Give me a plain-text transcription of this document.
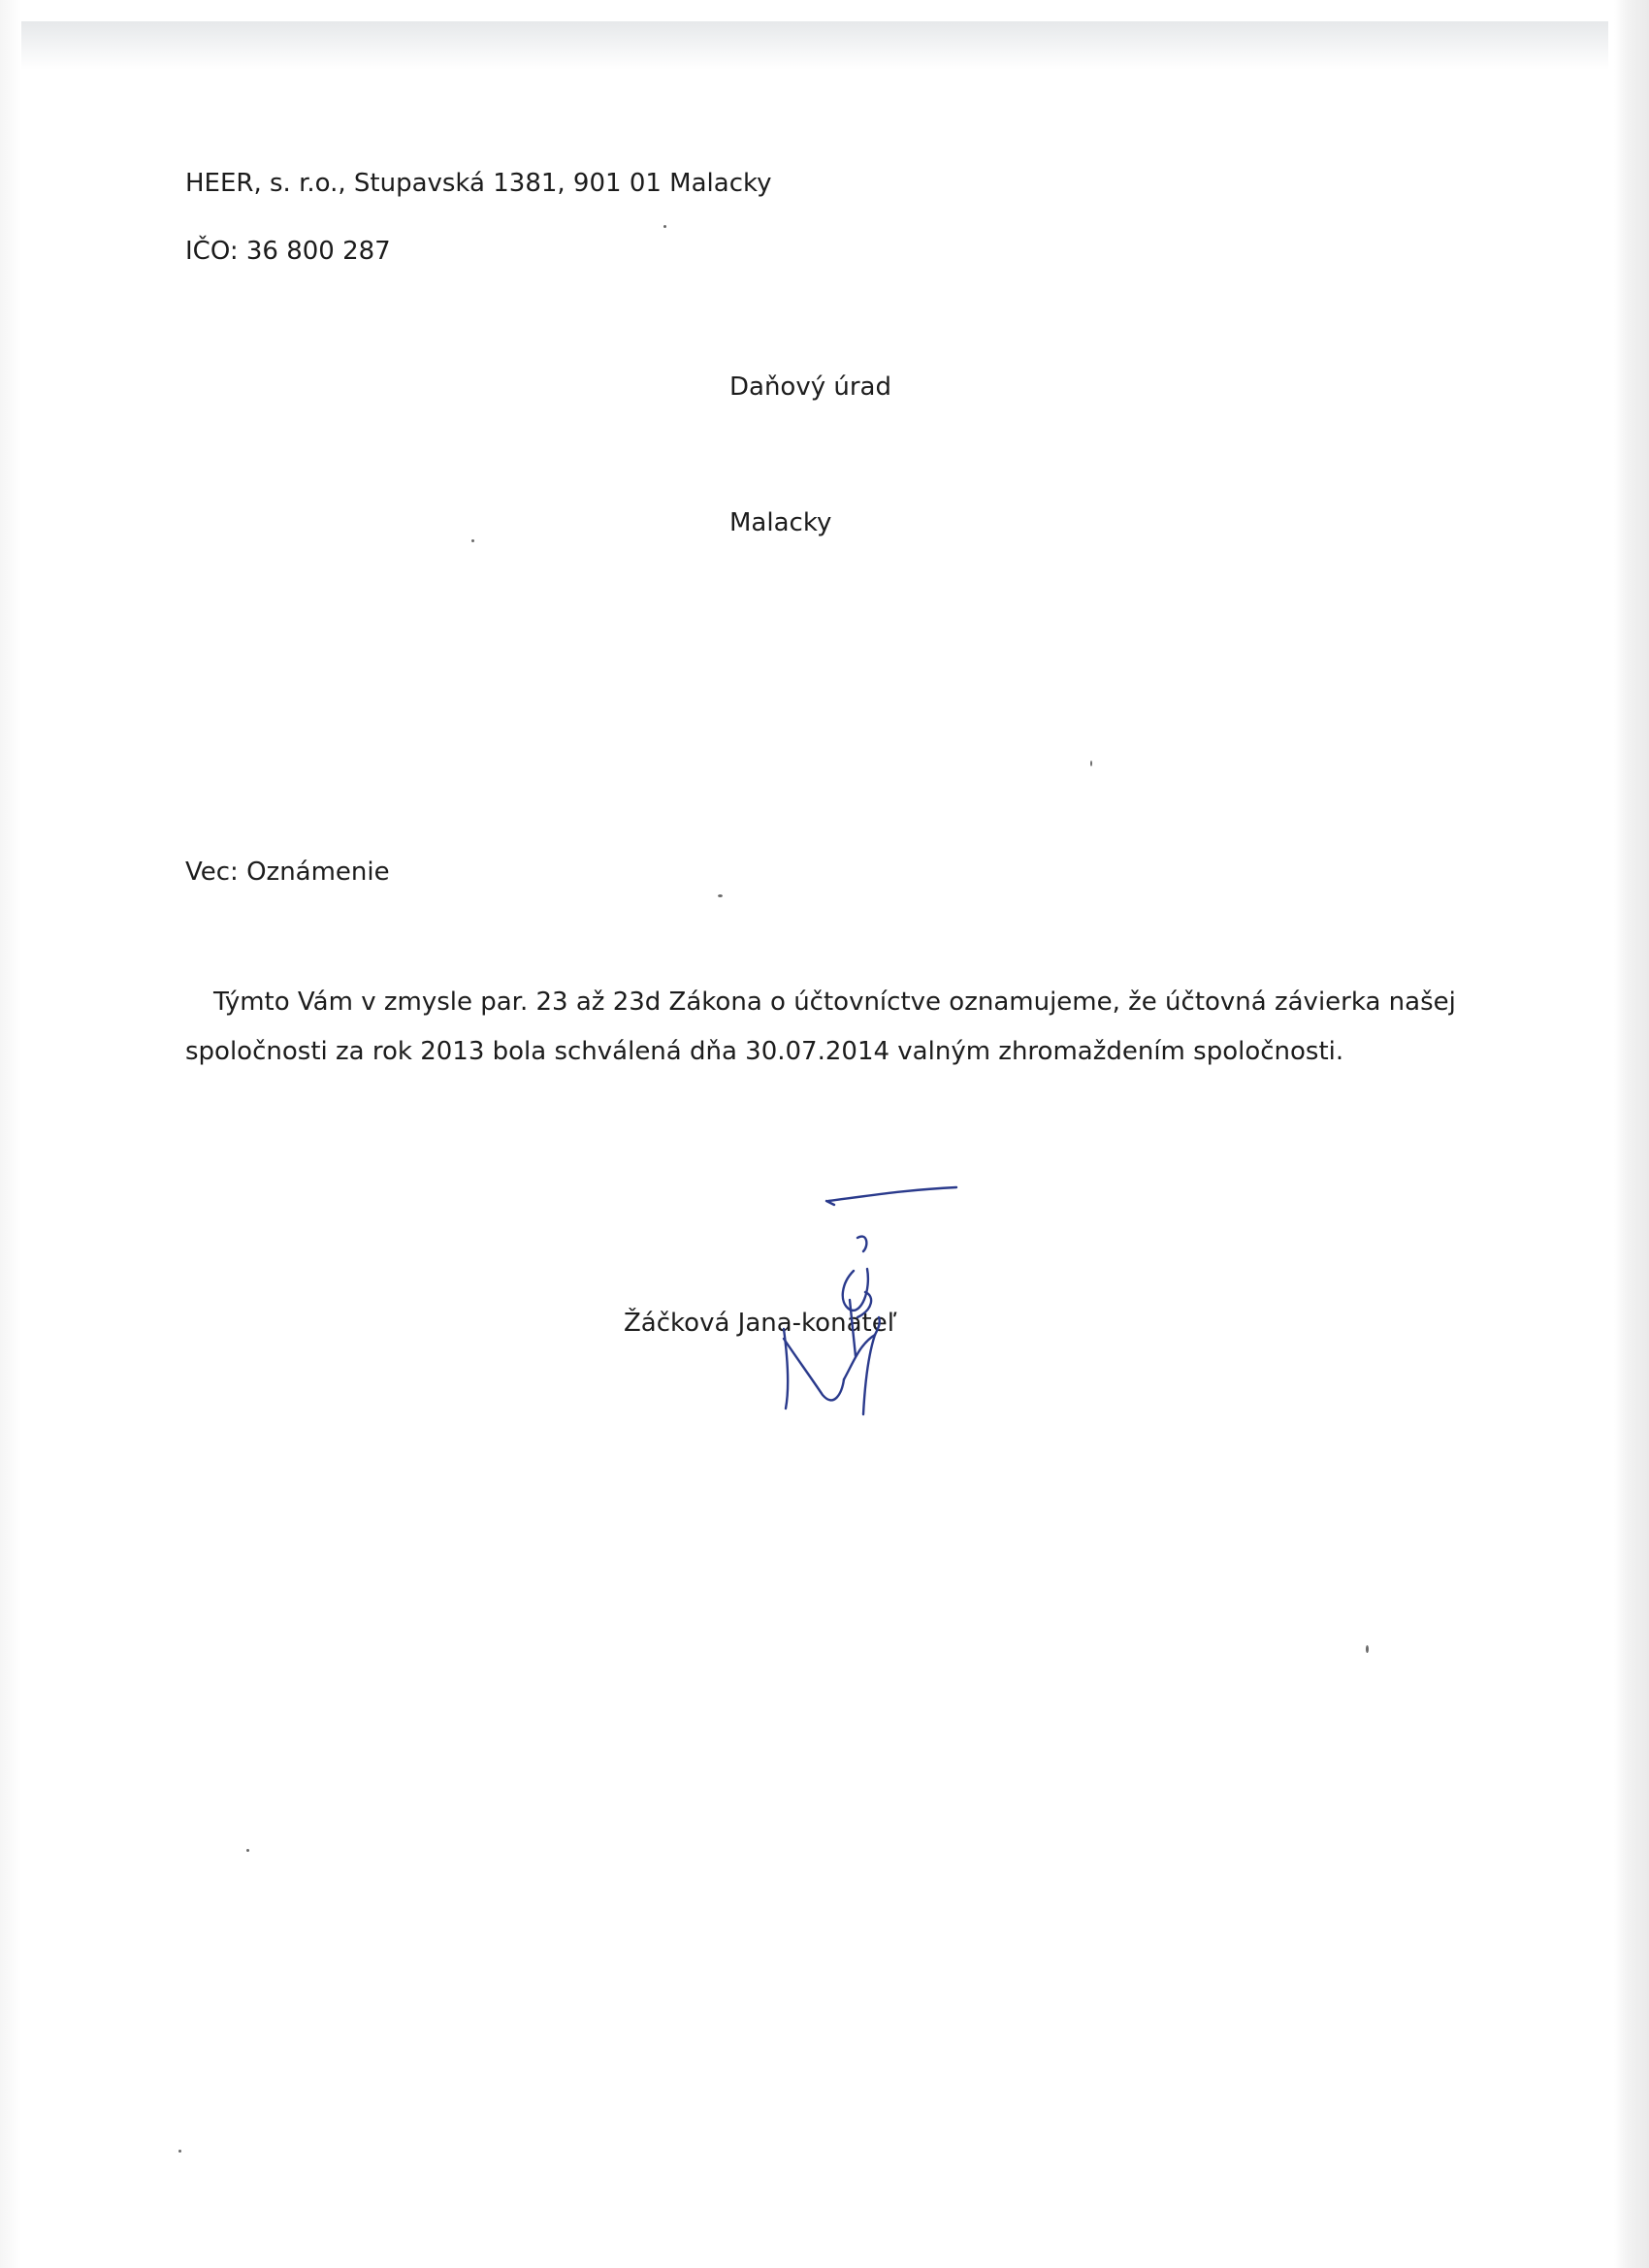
HEER, s. r.o., Stupavská 1381, 901 01 Malacky
IČO: 36 800 287
Daňový úrad
Malacky
Vec: Oznámenie
Týmto Vám v zmysle par. 23 až 23d Zákona o účtovníctve oznamujeme, že účtovná závierka našej
spoločnosti za rok 2013 bola schválená dňa 30.07.2014 valným zhromaždením spoločnosti.
Žáčková Jana-konateľ
